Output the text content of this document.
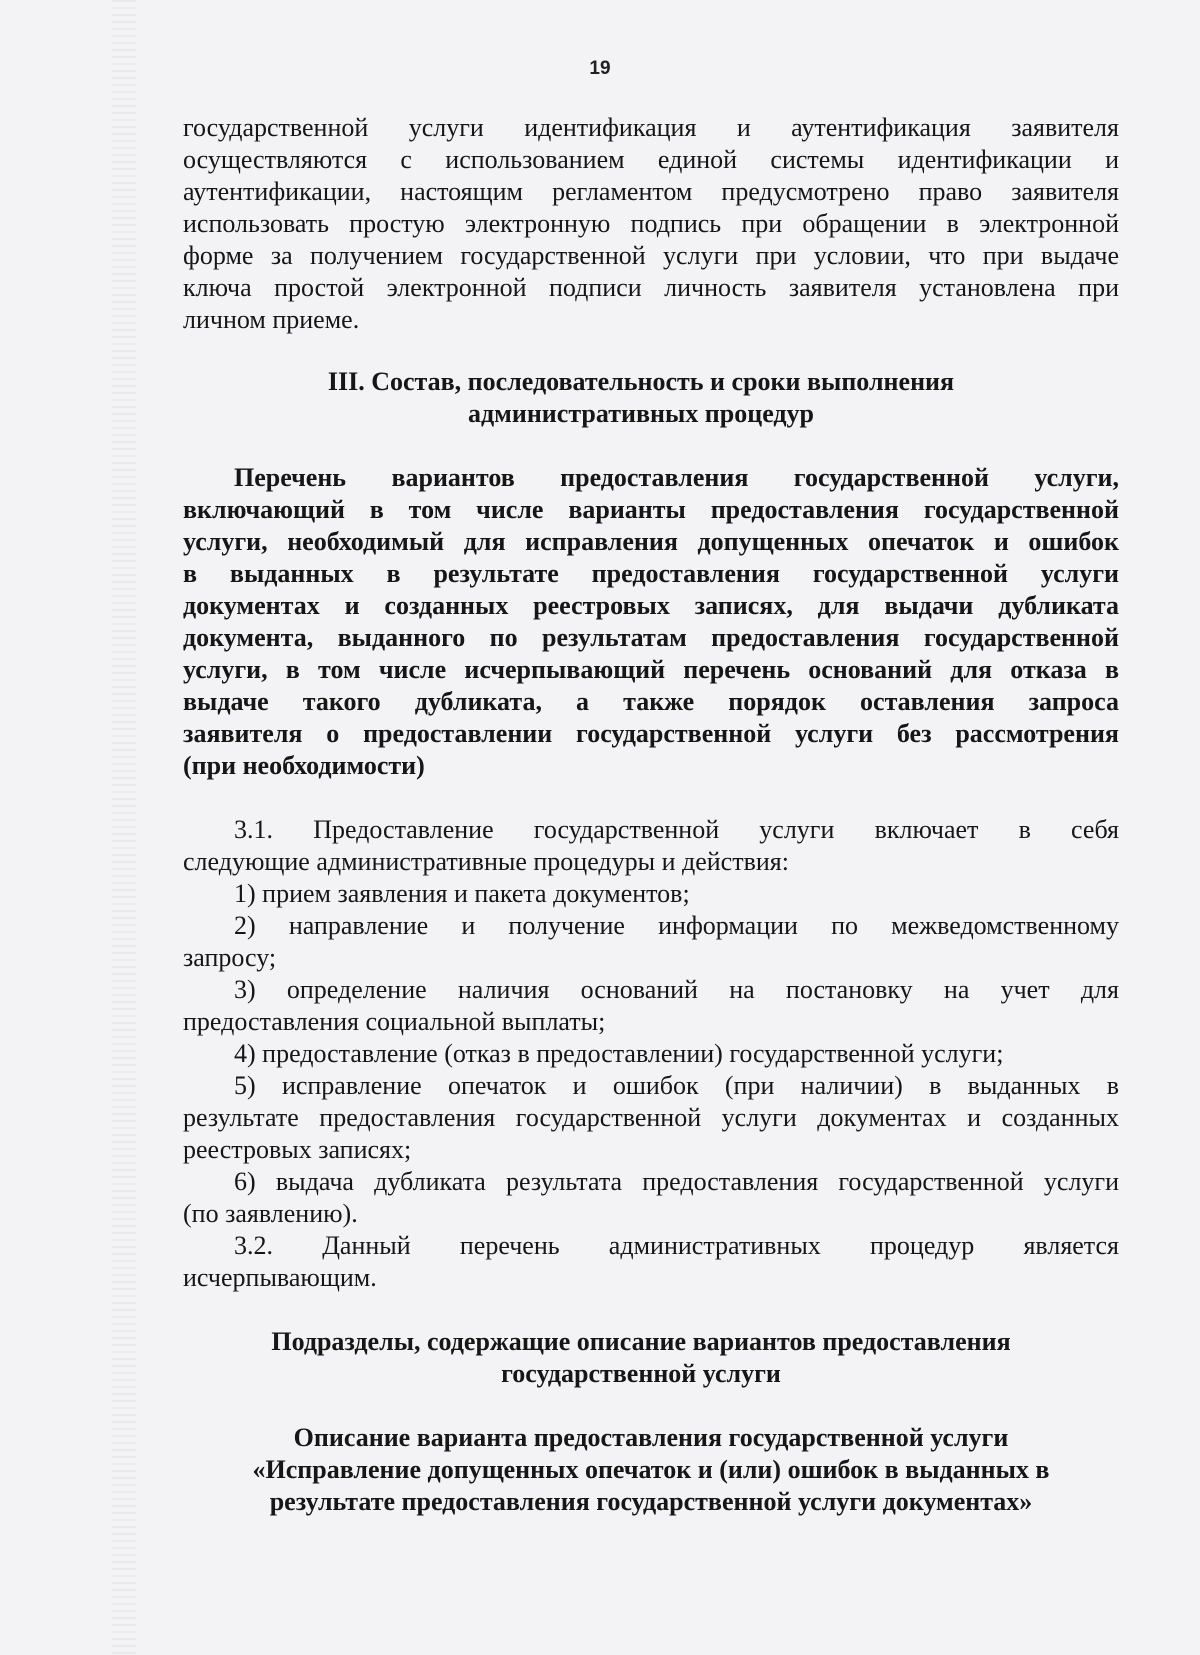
19

государственной услуги идентификация и аутентификация заявителя

осуществляются с использованием единой системы идентификации и

аутентификации, настоящим регламентом предусмотрено право заявителя

использовать простую электронную подпись при обращении в электронной

форме за получением государственной услуги при условии, что при выдаче

ключа простой электронной подписи личность заявителя установлена при

личном приеме.

III. Состав, последовательность и сроки выполнения

административных процедур

Перечень вариантов предоставления государственной услуги,

включающий в том числе варианты предоставления государственной

услуги, необходимый для исправления допущенных опечаток и ошибок

в выданных в результате предоставления государственной услуги

документах и созданных реестровых записях, для выдачи дубликата

документа, выданного по результатам предоставления государственной

услуги, в том числе исчерпывающий перечень оснований для отказа в

выдаче такого дубликата, а также порядок оставления запроса

заявителя о предоставлении государственной услуги без рассмотрения

(при необходимости)

3.1. Предоставление государственной услуги включает в себя

следующие административные процедуры и действия:

1) прием заявления и пакета документов;

2) направление и получение информации по межведомственному

запросу;

3) определение наличия оснований на постановку на учет для

предоставления социальной выплаты;

4) предоставление (отказ в предоставлении) государственной услуги;

5) исправление опечаток и ошибок (при наличии) в выданных в

результате предоставления государственной услуги документах и созданных

реестровых записях;

6) выдача дубликата результата предоставления государственной услуги

(по заявлению).

3.2. Данный перечень административных процедур является

исчерпывающим.

Подразделы, содержащие описание вариантов предоставления

государственной услуги

Описание варианта предоставления государственной услуги

«Исправление допущенных опечаток и (или) ошибок в выданных в

результате предоставления государственной услуги документах»
